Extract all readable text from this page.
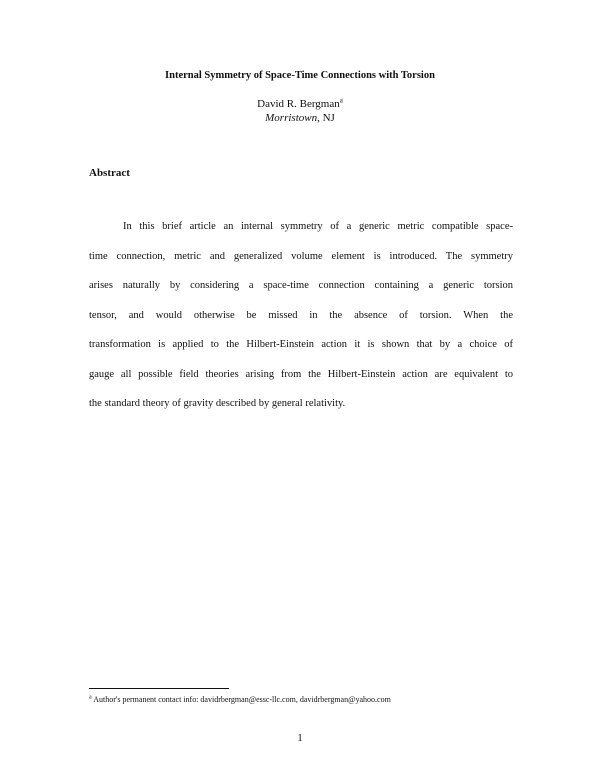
Internal Symmetry of Space-Time Connections with Torsion
David R. Bergman$^a$
Morristown, NJ
Abstract
In this brief article an internal symmetry of a generic metric compatible space-
time connection, metric and generalized volume element is introduced. The symmetry
arises naturally by considering a space-time connection containing a generic torsion
tensor, and would otherwise be missed in the absence of torsion. When the
transformation is applied to the Hilbert-Einstein action it is shown that by a choice of
gauge all possible field theories arising from the Hilbert-Einstein action are equivalent to
the standard theory of gravity described by general relativity.
$^a$ Author's permanent contact info: davidrbergman@essc-llc.com, davidrbergman@yahoo.com
1
